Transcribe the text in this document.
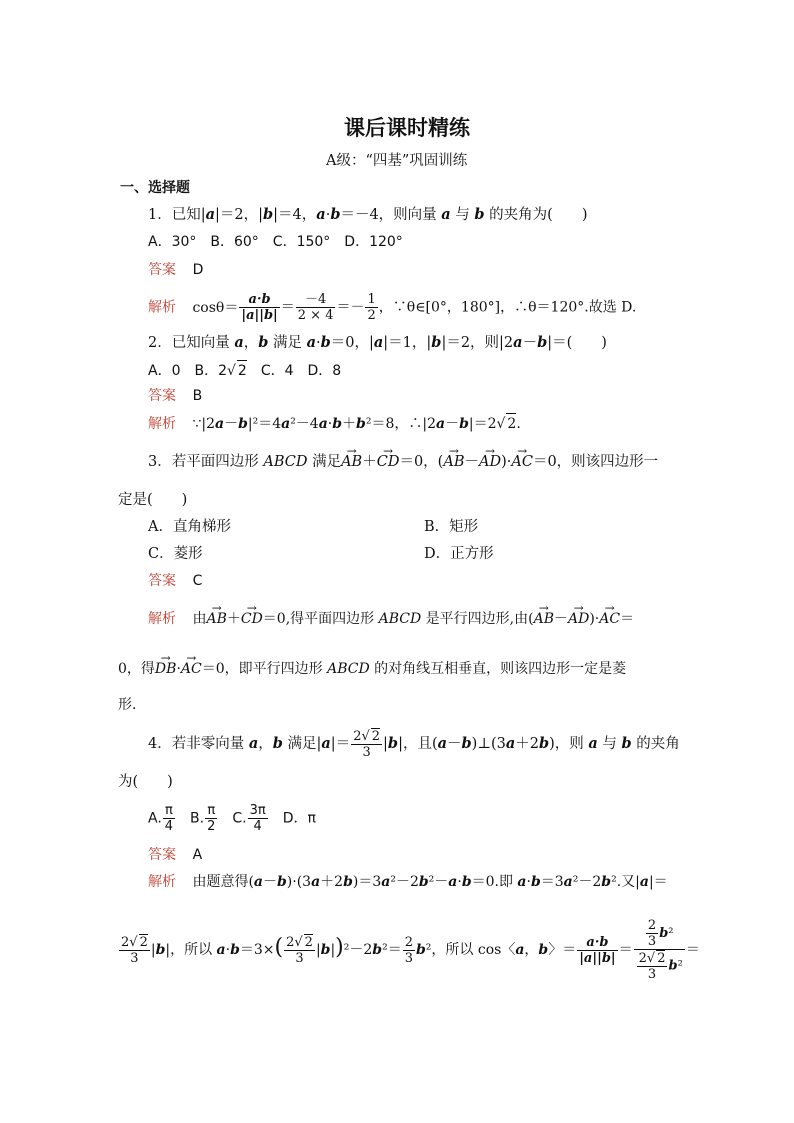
课后课时精练
A级：“四基”巩固训练
一、选择题
1．已知|a|＝2，|b|＝4，a·b＝－4，则向量 a 与 b 的夹角为(　　)
A．30°　B．60°　C．150°　D．120°
答案 D
解析 $\cos\theta= \frac{a\cdot b}{|a||b|} = \frac{-4}{2 \times 4} =- \frac{1}{2}$ ，∵θ∈[0°，180°]，∴θ＝120°.故选 D.
2．已知向量 a，b 满足 a·b＝0，|a|＝1，|b|＝2，则|2a－b|＝(　　)
A．0　B．2√ 2　C．4　D．8
答案 B
解析 ∵|2a－b|²＝4a²－4a·b＋b²＝8，∴|2a－b|＝2√ 2.
3．若平面四边形 ABCD 满足→ AB＋→ CD＝0，(→ AB－→ AD)·→ AC＝0，则该四边形一
定是(　　)
A．直角梯形	B．矩形
C．菱形	D．正方形
答案 C
解析 由→ AB＋→ CD＝0,得平面四边形 ABCD 是平行四边形,由(→ AB－→ AD)·→ AC＝
0，得→ DB·→ AC＝0，即平行四边形 ABCD 的对角线互相垂直，则该四边形一定是菱
形.
4．若非零向量 a，b 满足$|a|= \frac{2√ 2}{3} |b|$，且(a－b)⊥(3a＋2b)，则 a 与 b 的夹角
为(　　)
A. $\frac{\pi}{4}$ 　B. $\frac{\pi}{2}$ 　C. $\frac{3\pi}{4}$ 　D．π
答案 A
解析 由题意得(a－b)·(3a＋2b)＝3a²－2b²－a·b＝0.即 a·b＝3a²－2b².又|a|＝
$\frac{2√ 2}{3} |b|$，所以 $a\cdot b=3\times( \frac{2√ 2}{3} |b|)^2-2b^2= \frac{2}{3} b^2$，所以 cos〈a，b〉＝ $\frac{a\cdot b}{|a||b|} = \frac{\frac{2}{3} b^2}{\frac{2√ 2}{3} b^2}$ ＝
